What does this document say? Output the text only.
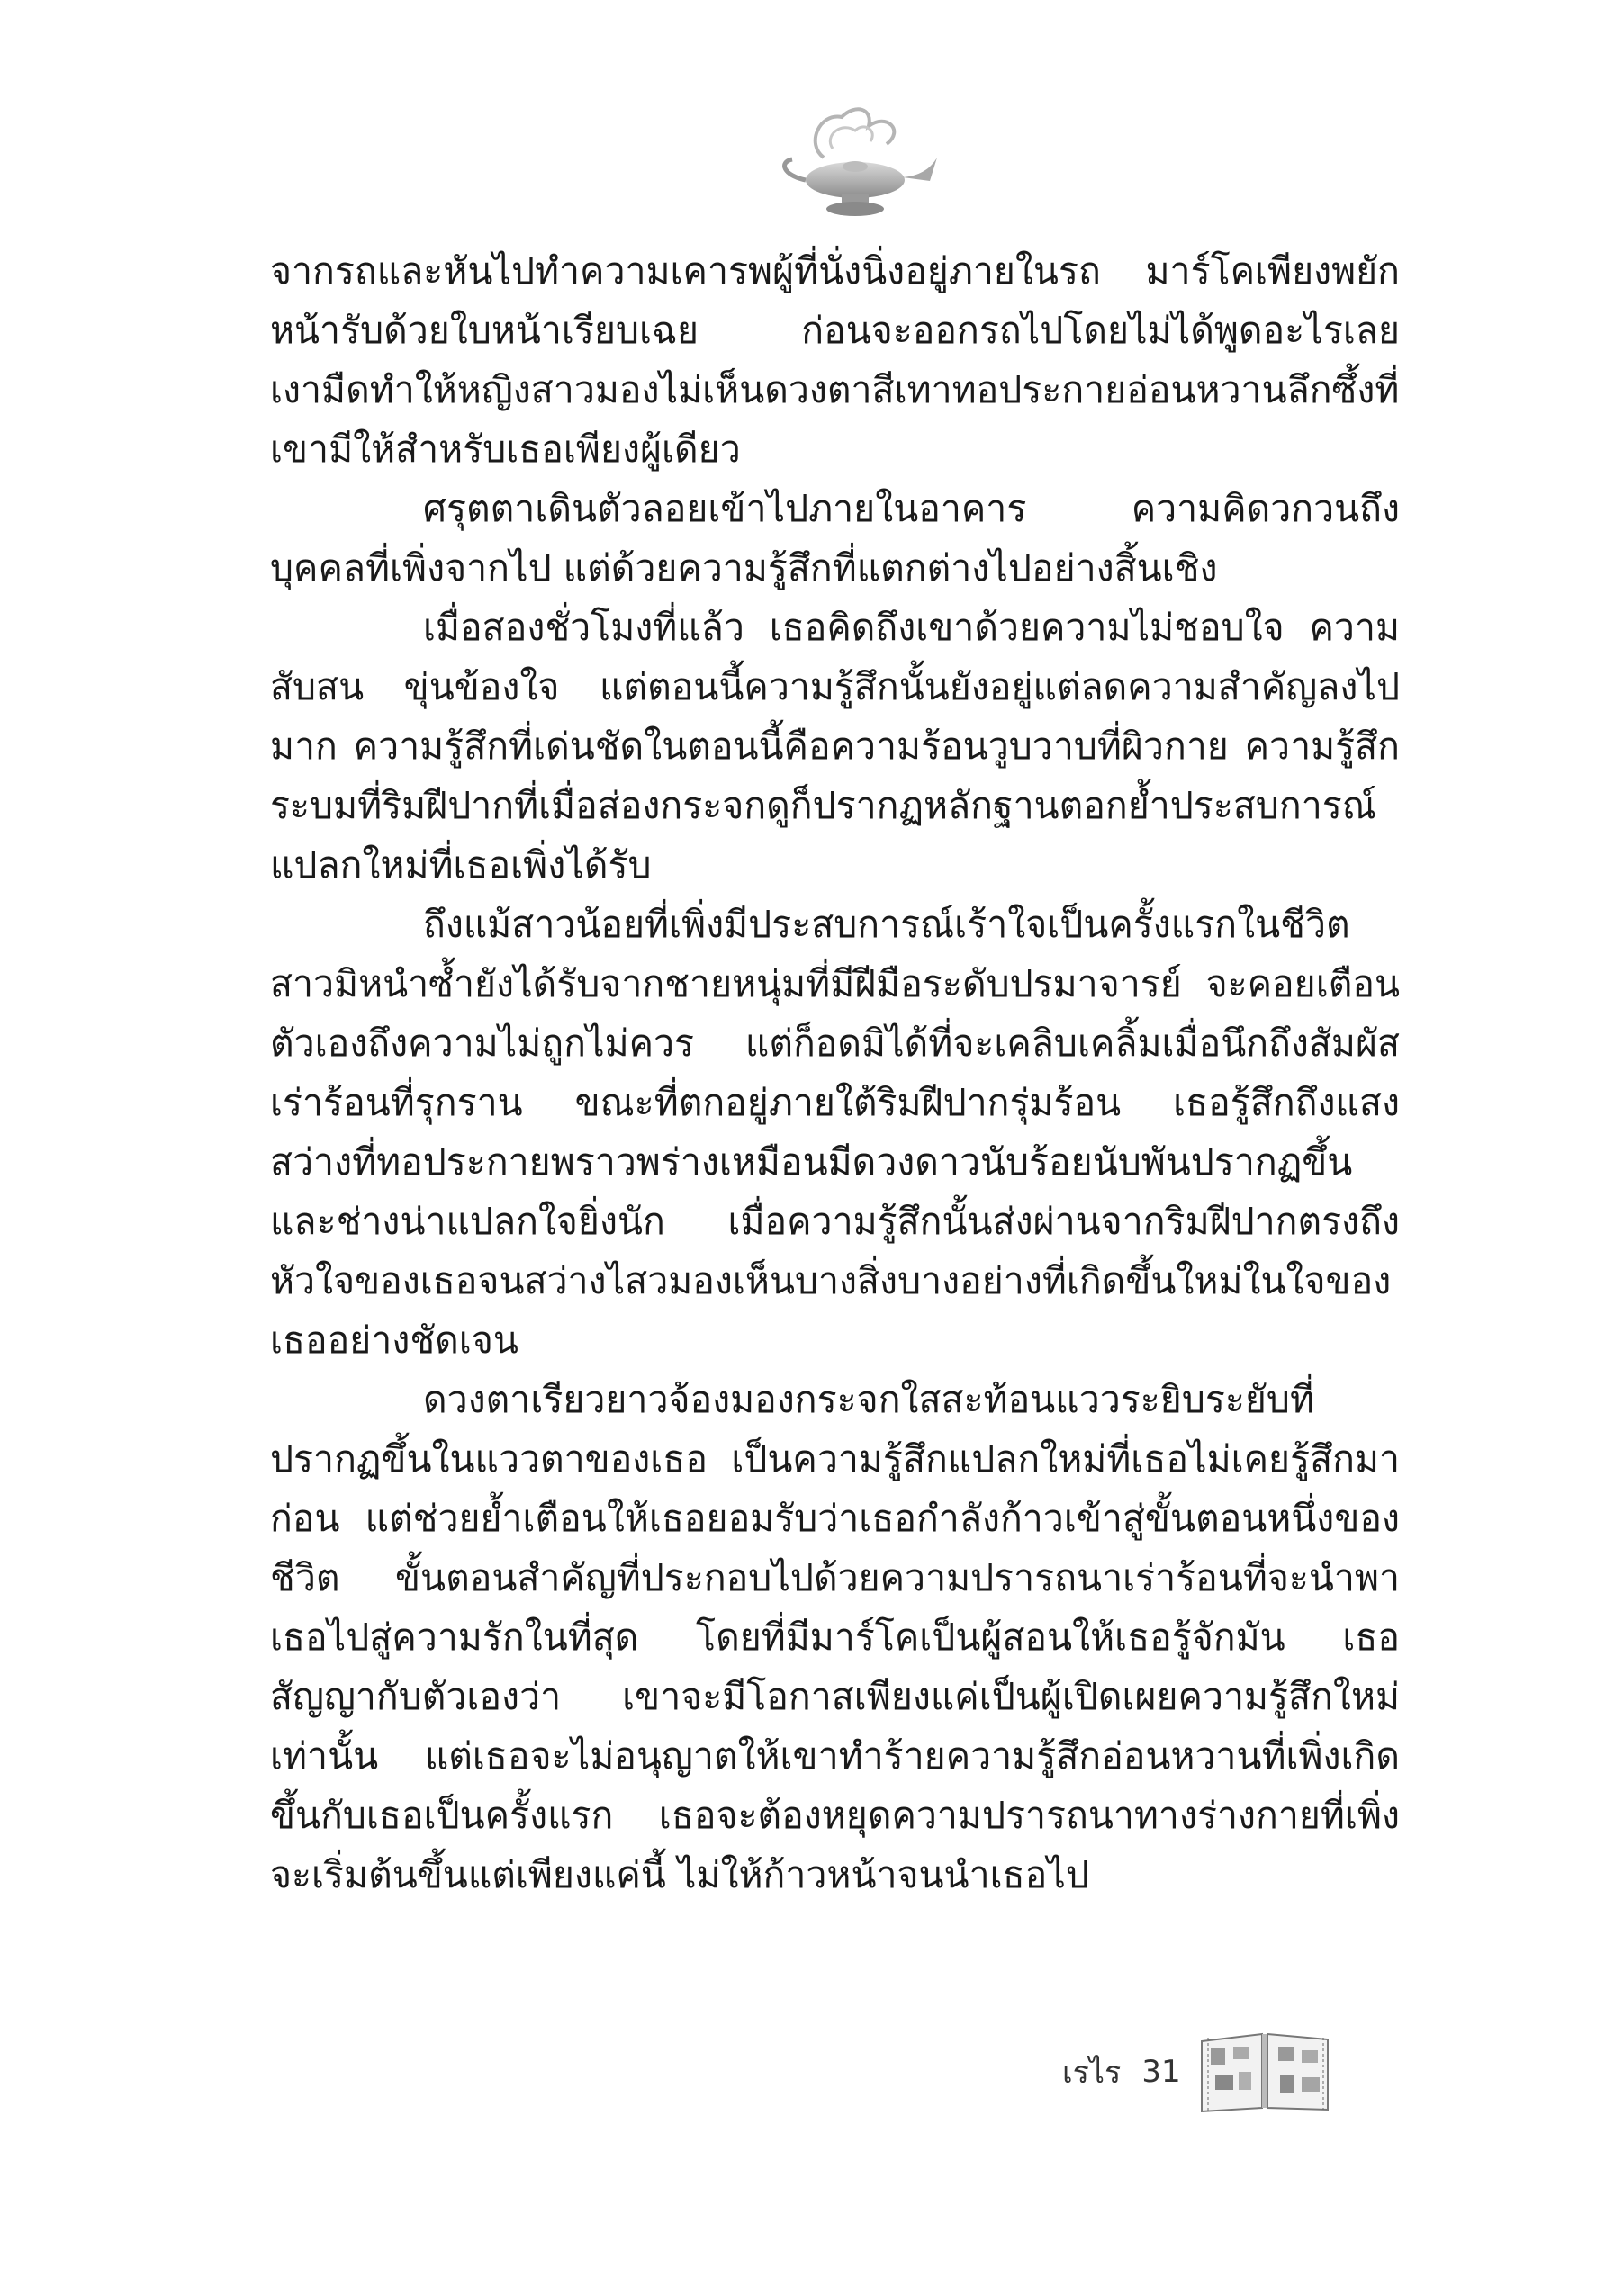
จากรถและหันไปทำความเคารพผู้ที่นั่งนิ่งอยู่ภายในรถ มาร์โคเพียงพยักหน้ารับด้วยใบหน้าเรียบเฉย ก่อนจะออกรถไปโดยไม่ได้พูดอะไรเลย เงามืดทำให้หญิงสาวมองไม่เห็นดวงตาสีเทาทอประกายอ่อนหวานลึกซึ้งที่เขามีให้สำหรับเธอเพียงผู้เดียว

ศรุตตาเดินตัวลอยเข้าไปภายในอาคาร ความคิดวกวนถึงบุคคลที่เพิ่งจากไป แต่ด้วยความรู้สึกที่แตกต่างไปอย่างสิ้นเชิง

เมื่อสองชั่วโมงที่แล้ว เธอคิดถึงเขาด้วยความไม่ชอบใจ ความสับสน ขุ่นข้องใจ แต่ตอนนี้ความรู้สึกนั้นยังอยู่แต่ลดความสำคัญลงไปมาก ความรู้สึกที่เด่นชัดในตอนนี้คือความร้อนวูบวาบที่ผิวกาย ความรู้สึกระบมที่ริมฝีปากที่เมื่อส่องกระจกดูก็ปรากฏหลักฐานตอกย้ำประสบการณ์แปลกใหม่ที่เธอเพิ่งได้รับ

ถึงแม้สาวน้อยที่เพิ่งมีประสบการณ์เร้าใจเป็นครั้งแรกในชีวิตสาวมิหนำซ้ำยังได้รับจากชายหนุ่มที่มีฝีมือระดับปรมาจารย์ จะคอยเตือนตัวเองถึงความไม่ถูกไม่ควร แต่ก็อดมิได้ที่จะเคลิบเคลิ้มเมื่อนึกถึงสัมผัสเร่าร้อนที่รุกราน ขณะที่ตกอยู่ภายใต้ริมฝีปากรุ่มร้อน เธอรู้สึกถึงแสงสว่างที่ทอประกายพราวพร่างเหมือนมีดวงดาวนับร้อยนับพันปรากฏขึ้น และช่างน่าแปลกใจยิ่งนัก เมื่อความรู้สึกนั้นส่งผ่านจากริมฝีปากตรงถึงหัวใจของเธอจนสว่างไสวมองเห็นบางสิ่งบางอย่างที่เกิดขึ้นใหม่ในใจของเธออย่างชัดเจน

ดวงตาเรียวยาวจ้องมองกระจกใสสะท้อนแววระยิบระยับที่ปรากฏขึ้นในแววตาของเธอ เป็นความรู้สึกแปลกใหม่ที่เธอไม่เคยรู้สึกมาก่อน แต่ช่วยย้ำเตือนให้เธอยอมรับว่าเธอกำลังก้าวเข้าสู่ขั้นตอนหนึ่งของชีวิต ขั้นตอนสำคัญที่ประกอบไปด้วยความปรารถนาเร่าร้อนที่จะนำพาเธอไปสู่ความรักในที่สุด โดยที่มีมาร์โคเป็นผู้สอนให้เธอรู้จักมัน เธอสัญญากับตัวเองว่า เขาจะมีโอกาสเพียงแค่เป็นผู้เปิดเผยความรู้สึกใหม่เท่านั้น แต่เธอจะไม่อนุญาตให้เขาทำร้ายความรู้สึกอ่อนหวานที่เพิ่งเกิดขึ้นกับเธอเป็นครั้งแรก เธอจะต้องหยุดความปรารถนาทางร่างกายที่เพิ่งจะเริ่มต้นขึ้นแต่เพียงแค่นี้ ไม่ให้ก้าวหน้าจนนำเธอไป

เรไร 31
